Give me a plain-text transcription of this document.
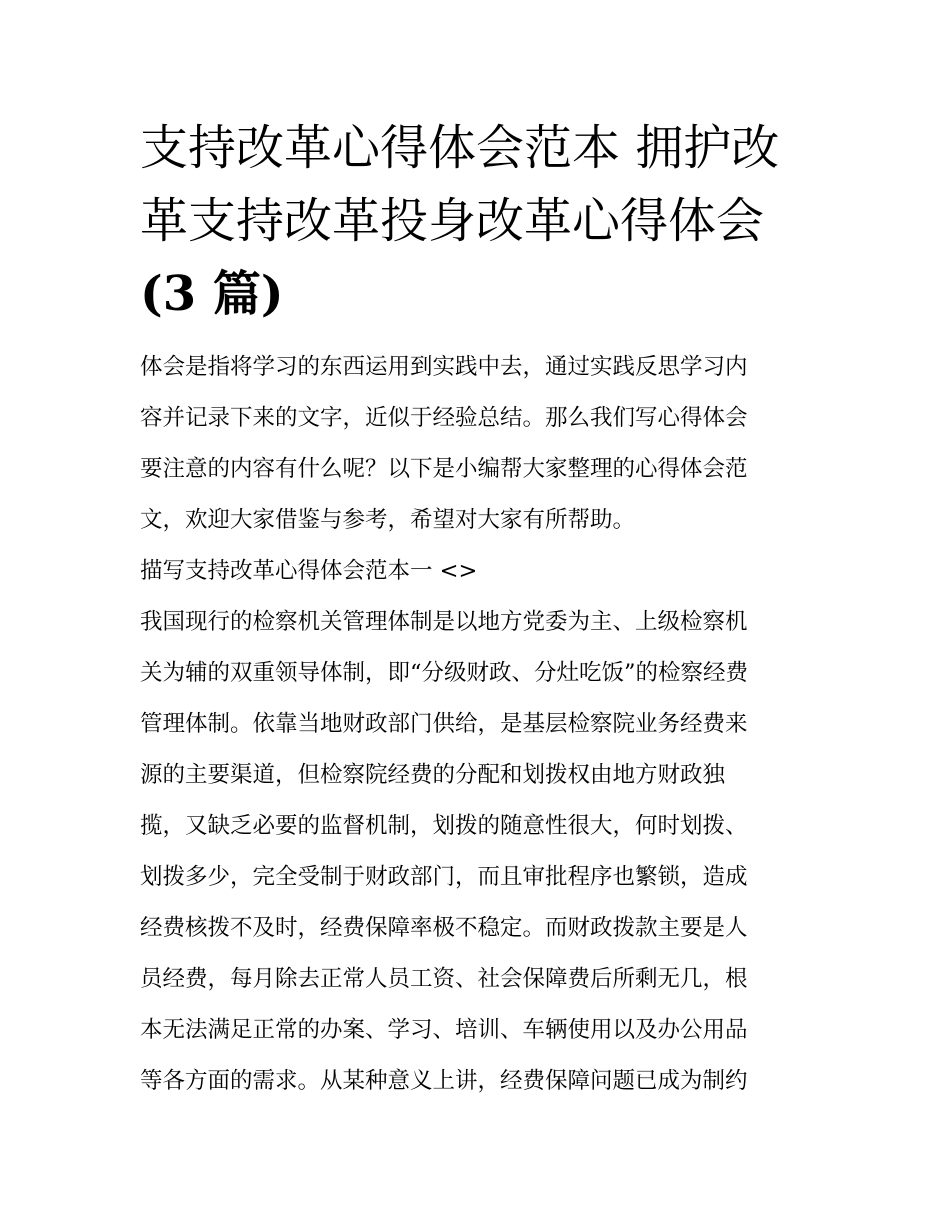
支持改革心得体会范本 拥护改
革支持改革投身改革心得体会
(3 篇)
体会是指将学习的东西运用到实践中去，通过实践反思学习内
容并记录下来的文字，近似于经验总结。那么我们写心得体会
要注意的内容有什么呢？以下是小编帮大家整理的心得体会范
文，欢迎大家借鉴与参考，希望对大家有所帮助。
描写支持改革心得体会范本一 <>
我国现行的检察机关管理体制是以地方党委为主、上级检察机
关为辅的双重领导体制，即“分级财政、分灶吃饭”的检察经费
管理体制。依靠当地财政部门供给，是基层检察院业务经费来
源的主要渠道，但检察院经费的分配和划拨权由地方财政独
揽，又缺乏必要的监督机制，划拨的随意性很大，何时划拨、
划拨多少，完全受制于财政部门，而且审批程序也繁锁，造成
经费核拨不及时，经费保障率极不稳定。而财政拨款主要是人
员经费，每月除去正常人员工资、社会保障费后所剩无几，根
本无法满足正常的办案、学习、培训、车辆使用以及办公用品
等各方面的需求。从某种意义上讲，经费保障问题已成为制约
